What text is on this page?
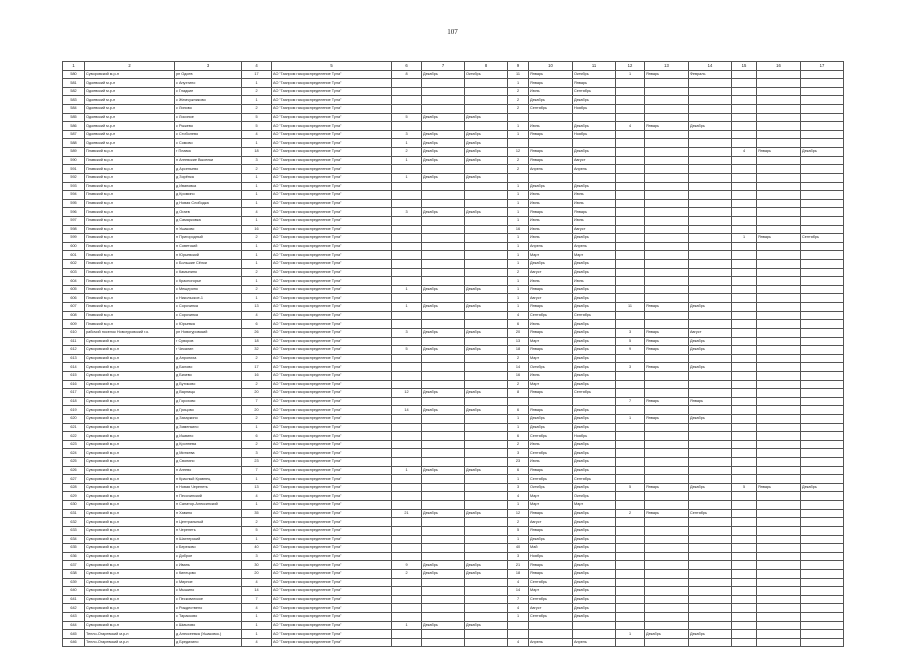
107
1	2	3	4	5	6	7	8	9	10	11	12	13	14	15	16	17
580	Суворовский м.р-н	рп Одоев	17	АО "Газпром газораспределение Тула"	8	Декабрь	Октябрь	11	Январь	Октябрь	1	Январь	Февраль			
581	Одоевский м.р-н	с Апухтино	1	АО "Газпром газораспределение Тула"				1	Январь	Январь						
582	Одоевский м.р-н	с Гладкие	2	АО "Газпром газораспределение Тула"				2	Июнь	Сентябрь						
583	Одоевский м.р-н	с Жемчужниково	1	АО "Газпром газораспределение Тула"				2	Декабрь	Декабрь						
584	Одоевский м.р-н	с Липово	2	АО "Газпром газораспределение Тула"				2	Сентябрь	Ноябрь						
585	Одоевский м.р-н	с Лосиное	5	АО "Газпром газораспределение Тула"	5	Декабрь	Декабрь									
586	Одоевский м.р-н	с Рыжево	5	АО "Газпром газораспределение Тула"				1	Июнь	Декабрь	4	Январь	Декабрь			
587	Одоевский м.р-н	с Стоболево	4	АО "Газпром газораспределение Тула"	3	Декабрь	Декабрь	1	Январь	Ноябрь						
588	Одоевский м.р-н	с Сомово	1	АО "Газпром газораспределение Тула"	1	Декабрь	Декабрь									
589	Плавский м.р-н	г Плавск	18	АО "Газпром газораспределение Тула"	2	Декабрь	Декабрь	12	Январь	Декабрь				4	Январь	Декабрь
590	Плавский м.р-н	п Агеевские Выселки	3	АО "Газпром газораспределение Тула"	1	Декабрь	Декабрь	2	Январь	Август						
591	Плавский м.р-н	д Арсеньево	2	АО "Газпром газораспределение Тула"				2	Апрель	Апрель						
592	Плавский м.р-н	д Зорёнка	1	АО "Газпром газораспределение Тула"	1	Декабрь	Декабрь									
593	Плавский м.р-н	д Ивановка	1	АО "Газпром газораспределение Тула"				1	Декабрь	Декабрь						
594	Плавский м.р-н	д Кромино	1	АО "Газпром газораспределение Тула"				1	Июнь	Июнь						
595	Плавский м.р-н	д Новая Слободка	1	АО "Газпром газораспределение Тула"				1	Июнь	Июнь						
596	Плавский м.р-н	д Огаев	4	АО "Газпром газораспределение Тула"	3	Декабрь	Декабрь	1	Январь	Январь						
597	Плавский м.р-н	д Самарковка	1	АО "Газпром газораспределение Тула"				1	Июнь	Июнь						
598	Плавский м.р-н	п Ушаково	16	АО "Газпром газораспределение Тула"				16	Июнь	Август						
599	Плавский м.р-н	п Пригородный	2	АО "Газпром газораспределение Тула"				1	Июнь	Декабрь				1	Январь	Сентябрь
600	Плавский м.р-н	п Советский	1	АО "Газпром газораспределение Тула"				1	Апрель	Апрель						
601	Плавский м.р-н	п Юрьевский	1	АО "Газпром газораспределение Тула"				1	Март	Март						
602	Плавский м.р-н	с Большие Сёлки	1	АО "Газпром газораспределение Тула"				1	Декабрь	Декабрь						
603	Плавский м.р-н	с Камынино	2	АО "Газпром газораспределение Тула"				2	Август	Декабрь						
604	Плавский м.р-н	с Красногорье	1	АО "Газпром газораспределение Тула"				1	Июнь	Июнь						
605	Плавский м.р-н	с Мещерино	2	АО "Газпром газораспределение Тула"	1	Декабрь	Декабрь	1	Январь	Декабрь						
606	Плавский м.р-н	с Никольское-1	1	АО "Газпром газораспределение Тула"				1	Август	Декабрь						
607	Плавский м.р-н	с Сорочинка	13	АО "Газпром газораспределение Тула"	1	Декабрь	Декабрь	1	Январь	Декабрь	11	Январь	Декабрь			
608	Плавский м.р-н	с Сорочинка	4	АО "Газпром газораспределение Тула"				4	Сентябрь	Сентябрь						
609	Плавский м.р-н	с Юрьевка	6	АО "Газпром газораспределение Тула"				6	Июнь	Декабрь						
610	рабочий поселок Новогуровский г.о.	рп Новогуровский	26	АО "Газпром газораспределение Тула"	3	Декабрь	Декабрь	20	Январь	Декабрь	3	Январь	Август			
611	Суворовский м.р-н	г Суворов	18	АО "Газпром газораспределение Тула"				13	Март	Декабрь	5	Январь	Декабрь			
612	Суворовский м.р-н	г Чекалин	32	АО "Газпром газораспределение Тула"	5	Декабрь	Декабрь	18	Январь	Декабрь	9	Январь	Декабрь			
613	Суворовский м.р-н	д Анрониха	2	АО "Газпром газораспределение Тула"				2	Март	Декабрь						
614	Суворовский м.р-н	д Балово	17	АО "Газпром газораспределение Тула"				14	Октябрь	Декабрь	3	Январь	Декабрь			
615	Суворовский м.р-н	д Бизево	16	АО "Газпром газораспределение Тула"				16	Июнь	Декабрь						
616	Суворовский м.р-н	д Бутиково	2	АО "Газпром газораспределение Тула"				2	Март	Декабрь						
617	Суворовский м.р-н	д Варницы	20	АО "Газпром газораспределение Тула"	12	Декабрь	Декабрь	8	Январь	Сентябрь						
618	Суворовский м.р-н	д Горохово	7	АО "Газпром газораспределение Тула"							7	Январь	Январь			
619	Суворовский м.р-н	д Грицово	20	АО "Газпром газораспределение Тула"	14	Декабрь	Декабрь	6	Январь	Декабрь						
620	Суворовский м.р-н	д Захаркино	2	АО "Газпром газораспределение Тула"				1	Декабрь	Декабрь	1	Январь	Декабрь			
621	Суворовский м.р-н	д Зименкино	1	АО "Газпром газораспределение Тула"				1	Декабрь	Декабрь						
622	Суворовский м.р-н	д Ишвино	6	АО "Газпром газораспределение Тула"				6	Сентябрь	Ноябрь						
623	Суворовский м.р-н	д Кроннева	2	АО "Газпром газораспределение Тула"				2	Июнь	Декабрь						
624	Суворовский м.р-н	д Митяева	3	АО "Газпром газораспределение Тула"				3	Сентябрь	Декабрь						
625	Суворовский м.р-н	д Свонино	23	АО "Газпром газораспределение Тула"				23	Июнь	Декабрь						
626	Суворовский м.р-н	п Агеево	7	АО "Газпром газораспределение Тула"	1	Декабрь	Декабрь	6	Январь	Декабрь						
627	Суворовский м.р-н	п Красный Кравнец	1	АО "Газпром газораспределение Тула"				1	Сентябрь	Сентябрь						
628	Суворовский м.р-н	п Новая Черепеть	13	АО "Газпром газораспределение Тула"				3	Октябрь	Декабрь	5	Январь	Декабрь	5	Январь	Декабрь
629	Суворовский м.р-н	п Песочинский	4	АО "Газпром газораспределение Тула"				4	Март	Октябрь						
630	Суворовский м.р-н	п Санатор-Алексинский	1	АО "Газпром газораспределение Тула"				1	Март	Март						
631	Суворовский м.р-н	п Хавино	35	АО "Газпром газораспределение Тула"	21	Декабрь	Декабрь	12	Январь	Декабрь	2	Январь	Сентябрь			
632	Суворовский м.р-н	п Центральный	2	АО "Газпром газораспределение Тула"				2	Август	Декабрь						
633	Суворовский м.р-н	п Черепеть	5	АО "Газпром газораспределение Тула"				5	Январь	Декабрь						
634	Суворовский м.р-н	п Шахтерский	1	АО "Газпром газораспределение Тула"				1	Декабрь	Декабрь						
635	Суворовский м.р-н	с Березово	40	АО "Газпром газораспределение Тула"				40	Май	Декабрь						
636	Суворовский м.р-н	с Доброе	3	АО "Газпром газораспределение Тула"				3	Ноябрь	Декабрь						
637	Суворовский м.р-н	с Ивань	30	АО "Газпром газораспределение Тула"	9	Декабрь	Декабрь	21	Январь	Декабрь						
638	Суворовский м.р-н	с Кипецово	20	АО "Газпром газораспределение Тула"	2	Декабрь	Декабрь	18	Январь	Декабрь						
639	Суворовский м.р-н	с Мирное	4	АО "Газпром газораспределение Тула"				4	Сентябрь	Декабрь						
640	Суворовский м.р-н	с Мышино	14	АО "Газпром газораспределение Тула"				14	Март	Декабрь						
641	Суворовский м.р-н	с Песковатское	7	АО "Газпром газораспределение Тула"				7	Сентябрь	Декабрь						
642	Суворовский м.р-н	с Рождествено	4	АО "Газпром газораспределение Тула"				4	Август	Декабрь						
643	Суворовский м.р-н	с Тарасково	1	АО "Газпром газораспределение Тула"				1	Сентябрь	Декабрь						
644	Суворовский м.р-н	с Шмыгово	1	АО "Газпром газораспределение Тула"	1	Декабрь	Декабрь									
645	Тепло-Огаревский м.р-н	д Алексеевка (Ушаковск.)	1	АО "Газпром газораспределение Тула"							1	Декабрь	Декабрь			
646	Тепло-Огаревский м.р-н	д Бредихино	4	АО "Газпром газораспределение Тула"				4	Апрель	Апрель						
